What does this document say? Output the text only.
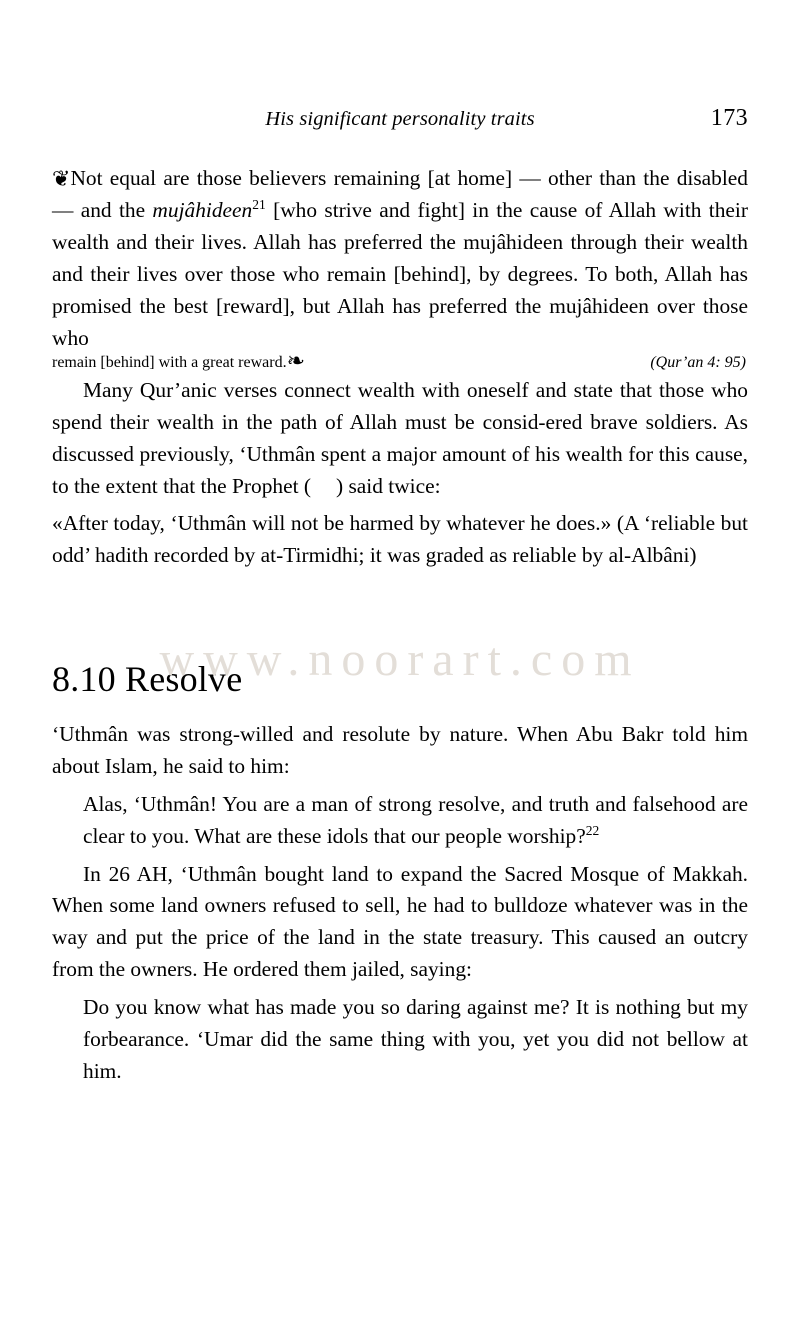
His significant personality traits	173

❦Not equal are those believers remaining [at home] — other than the disabled — and the mujâhideen$^{21}$ [who strive and fight] in the cause of Allah with their wealth and their lives. Allah has preferred the mujâhideen through their wealth and their lives over those who remain [behind], by degrees. To both, Allah has promised the best [reward], but Allah has preferred the mujâhideen over those who

remain [behind] with a great reward.❧	(Qur’an 4: 95)

Many Qur’anic verses connect wealth with oneself and state that those who spend their wealth in the path of Allah must be consid-ered brave soldiers. As discussed previously, ‘Uthmân spent a major amount of his wealth for this cause, to the extent that the Prophet ( ) said twice:

«After today, ‘Uthmân will not be harmed by whatever he does.» (A ‘reliable but odd’ hadith recorded by at-Tirmidhi; it was graded as reliable by al-Albâni)

8.10 Resolve

‘Uthmân was strong-willed and resolute by nature. When Abu Bakr told him about Islam, he said to him:

Alas, ‘Uthmân! You are a man of strong resolve, and truth and falsehood are clear to you. What are these idols that our people worship?$^{22}$

In 26 AH, ‘Uthmân bought land to expand the Sacred Mosque of Makkah. When some land owners refused to sell, he had to bulldoze whatever was in the way and put the price of the land in the state treasury. This caused an outcry from the owners. He ordered them jailed, saying:

Do you know what has made you so daring against me? It is nothing but my forbearance. ‘Umar did the same thing with you, yet you did not bellow at him.

www.noorart.com
